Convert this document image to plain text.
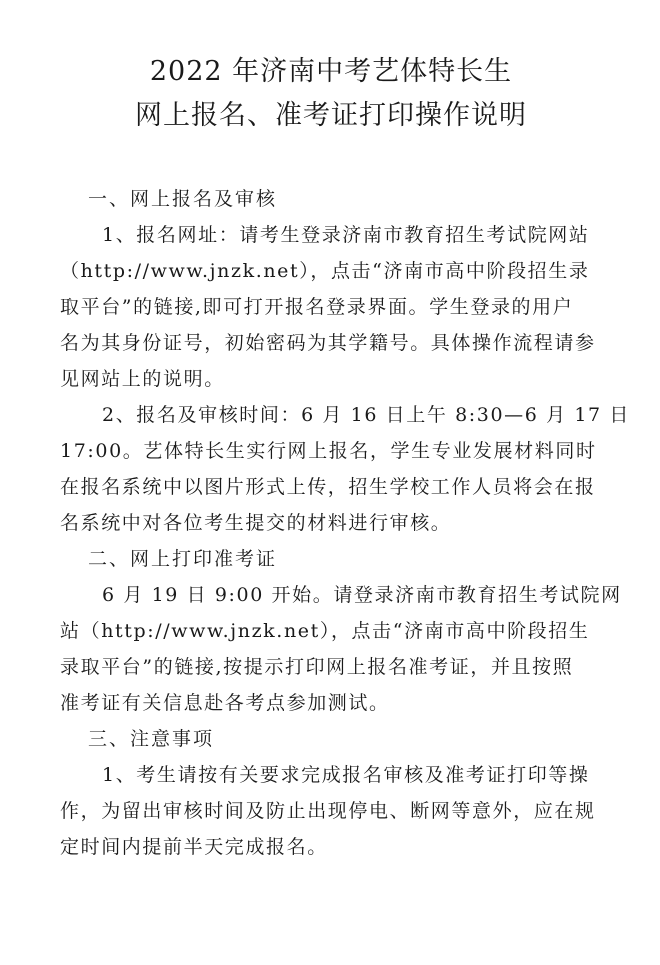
2022 年济南中考艺体特长生
网上报名、准考证打印操作说明

一、网上报名及审核

1、报名网址：请考生登录济南市教育招生考试院网站
（http://www.jnzk.net），点击“济南市高中阶段招生录
取平台”的链接,即可打开报名登录界面。学生登录的用户
名为其身份证号，初始密码为其学籍号。具体操作流程请参
见网站上的说明。

2、报名及审核时间：6 月 16 日上午 8:30—6 月 17 日
17:00。艺体特长生实行网上报名，学生专业发展材料同时
在报名系统中以图片形式上传，招生学校工作人员将会在报
名系统中对各位考生提交的材料进行审核。

二、网上打印准考证

6 月 19 日 9:00 开始。请登录济南市教育招生考试院网
站（http://www.jnzk.net），点击“济南市高中阶段招生
录取平台”的链接,按提示打印网上报名准考证，并且按照
准考证有关信息赴各考点参加测试。

三、注意事项

1、考生请按有关要求完成报名审核及准考证打印等操
作，为留出审核时间及防止出现停电、断网等意外，应在规
定时间内提前半天完成报名。
